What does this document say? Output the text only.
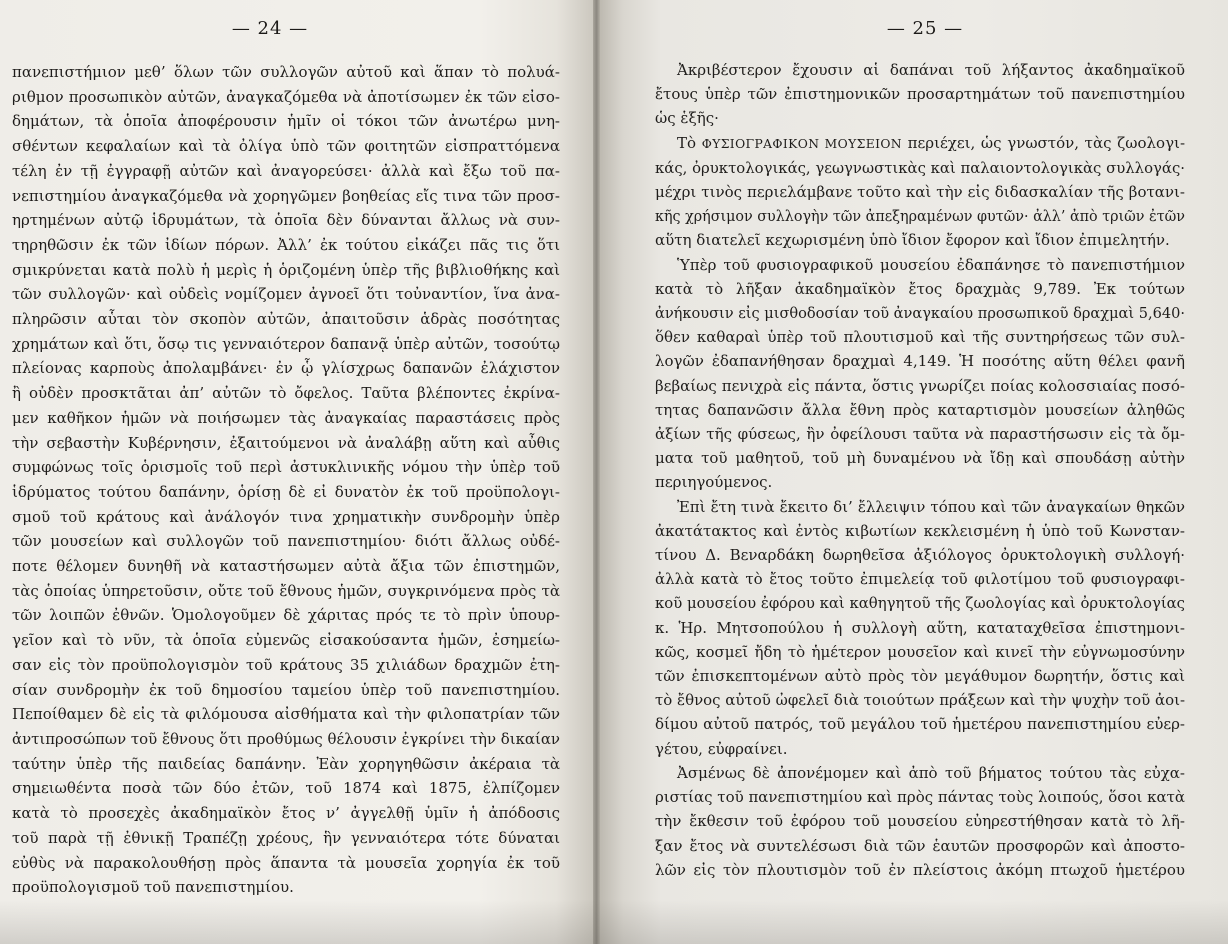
— 24 —
πανεπιστήμιον μεθ’ ὅλων τῶν συλλογῶν αὐτοῦ καὶ ἅπαν τὸ πολυά-
ριθμον προσωπικὸν αὐτῶν, ἀναγκαζόμεθα νὰ ἀποτίσωμεν ἐκ τῶν εἰσο-
δημάτων, τὰ ὁποῖα ἀποφέρουσιν ἡμῖν οἱ τόκοι τῶν ἀνωτέρω μνη-
σθέντων κεφαλαίων καὶ τὰ ὀλίγα ὑπὸ τῶν φοιτητῶν εἰσπραττόμενα
τέλη ἐν τῇ ἐγγραφῇ αὐτῶν καὶ ἀναγορεύσει· ἀλλὰ καὶ ἔξω τοῦ πα-
νεπιστημίου ἀναγκαζόμεθα νὰ χορηγῶμεν βοηθείας εἴς τινα τῶν προσ-
ηρτημένων αὐτῷ ἱδρυμάτων, τὰ ὁποῖα δὲν δύνανται ἄλλως νὰ συν-
τηρηθῶσιν ἐκ τῶν ἰδίων πόρων. Ἀλλ’ ἐκ τούτου εἰκάζει πᾶς τις ὅτι
σμικρύνεται κατὰ πολὺ ἡ μερὶς ἡ ὁριζομένη ὑπὲρ τῆς βιβλιοθήκης καὶ
τῶν συλλογῶν· καὶ οὐδεὶς νομίζομεν ἀγνοεῖ ὅτι τοὐναντίον, ἵνα ἀνα-
πληρῶσιν αὗται τὸν σκοπὸν αὐτῶν, ἀπαιτοῦσιν ἁδρὰς ποσότητας
χρημάτων καὶ ὅτι, ὅσῳ τις γενναιότερον δαπανᾷ ὑπὲρ αὐτῶν, τοσούτῳ
πλείονας καρποὺς ἀπολαμβάνει· ἐν ᾧ γλίσχρως δαπανῶν ἐλάχιστον
ἢ οὐδὲν προσκτᾶται ἀπ’ αὐτῶν τὸ ὄφελος. Ταῦτα βλέποντες ἐκρίνα-
μεν καθῆκον ἡμῶν νὰ ποιήσωμεν τὰς ἀναγκαίας παραστάσεις πρὸς
τὴν σεβαστὴν Κυβέρνησιν, ἐξαιτούμενοι νὰ ἀναλάβῃ αὕτη καὶ αὖθις
συμφώνως τοῖς ὁρισμοῖς τοῦ περὶ ἀστυκλινικῆς νόμου τὴν ὑπὲρ τοῦ
ἱδρύματος τούτου δαπάνην, ὁρίσῃ δὲ εἰ δυνατὸν ἐκ τοῦ προϋπολογι-
σμοῦ τοῦ κράτους καὶ ἀνάλογόν τινα χρηματικὴν συνδρομὴν ὑπὲρ
τῶν μουσείων καὶ συλλογῶν τοῦ πανεπιστημίου· διότι ἄλλως οὐδέ-
ποτε θέλομεν δυνηθῆ νὰ καταστήσωμεν αὐτὰ ἄξια τῶν ἐπιστημῶν,
τὰς ὁποίας ὑπηρετοῦσιν, οὔτε τοῦ ἔθνους ἡμῶν, συγκρινόμενα πρὸς τὰ
τῶν λοιπῶν ἐθνῶν. Ὁμολογοῦμεν δὲ χάριτας πρός τε τὸ πρὶν ὑπουρ-
γεῖον καὶ τὸ νῦν, τὰ ὁποῖα εὐμενῶς εἰσακούσαντα ἡμῶν, ἐσημείω-
σαν εἰς τὸν προϋπολογισμὸν τοῦ κράτους 35 χιλιάδων δραχμῶν ἐτη-
σίαν συνδρομὴν ἐκ τοῦ δημοσίου ταμείου ὑπὲρ τοῦ πανεπιστημίου.
Πεποίθαμεν δὲ εἰς τὰ φιλόμουσα αἰσθήματα καὶ τὴν φιλοπατρίαν τῶν
ἀντιπροσώπων τοῦ ἔθνους ὅτι προθύμως θέλουσιν ἐγκρίνει τὴν δικαίαν
ταύτην ὑπὲρ τῆς παιδείας δαπάνην. Ἐὰν χορηγηθῶσιν ἀκέραια τὰ
σημειωθέντα ποσὰ τῶν δύο ἐτῶν, τοῦ 1874 καὶ 1875, ἐλπίζομεν
κατὰ τὸ προσεχὲς ἀκαδημαϊκὸν ἔτος ν’ ἀγγελθῇ ὑμῖν ἡ ἀπόδοσις
τοῦ παρὰ τῇ ἐθνικῇ Τραπέζῃ χρέους, ἣν γενναιότερα τότε δύναται
εὐθὺς νὰ παρακολουθήσῃ πρὸς ἅπαντα τὰ μουσεῖα χορηγία ἐκ τοῦ
προϋπολογισμοῦ τοῦ πανεπιστημίου.
— 25 —
Ἀκριβέστερον ἔχουσιν αἱ δαπάναι τοῦ λήξαντος ἀκαδημαϊκοῦ
ἔτους ὑπὲρ τῶν ἐπιστημονικῶν προσαρτημάτων τοῦ πανεπιστημίου
ὡς ἑξῆς·
Τὸ ΦΥΣΙΟΓΡΑΦΙΚΟΝ ΜΟΥΣΕΙΟΝ περιέχει, ὡς γνωστόν, τὰς ζωολογι-
κάς, ὀρυκτολογικάς, γεωγνωστικὰς καὶ παλαιοντολογικὰς συλλογάς·
μέχρι τινὸς περιελάμβανε τοῦτο καὶ τὴν εἰς διδασκαλίαν τῆς βοτανι-
κῆς χρήσιμον συλλογὴν τῶν ἀπεξηραμένων φυτῶν· ἀλλ’ ἀπὸ τριῶν ἐτῶν
αὕτη διατελεῖ κεχωρισμένη ὑπὸ ἴδιον ἔφορον καὶ ἴδιον ἐπιμελητήν.
Ὑπὲρ τοῦ φυσιογραφικοῦ μουσείου ἐδαπάνησε τὸ πανεπιστήμιον
κατὰ τὸ λῆξαν ἀκαδημαϊκὸν ἔτος δραχμὰς 9,789. Ἐκ τούτων
ἀνήκουσιν εἰς μισθοδοσίαν τοῦ ἀναγκαίου προσωπικοῦ δραχμαὶ 5,640·
ὅθεν καθαραὶ ὑπὲρ τοῦ πλουτισμοῦ καὶ τῆς συντηρήσεως τῶν συλ-
λογῶν ἐδαπανήθησαν δραχμαὶ 4,149. Ἡ ποσότης αὕτη θέλει φανῆ
βεβαίως πενιχρὰ εἰς πάντα, ὅστις γνωρίζει ποίας κολοσσιαίας ποσό-
τητας δαπανῶσιν ἄλλα ἔθνη πρὸς καταρτισμὸν μουσείων ἀληθῶς
ἀξίων τῆς φύσεως, ἣν ὀφείλουσι ταῦτα νὰ παραστήσωσιν εἰς τὰ ὄμ-
ματα τοῦ μαθητοῦ, τοῦ μὴ δυναμένου νὰ ἴδῃ καὶ σπουδάσῃ αὐτὴν
περιηγούμενος.
Ἐπὶ ἔτη τινὰ ἔκειτο δι’ ἔλλειψιν τόπου καὶ τῶν ἀναγκαίων θηκῶν
ἀκατάτακτος καὶ ἐντὸς κιβωτίων κεκλεισμένη ἡ ὑπὸ τοῦ Κωνσταν-
τίνου Δ. Βεναρδάκη δωρηθεῖσα ἀξιόλογος ὀρυκτολογικὴ συλλογή·
ἀλλὰ κατὰ τὸ ἔτος τοῦτο ἐπιμελείᾳ τοῦ φιλοτίμου τοῦ φυσιογραφι-
κοῦ μουσείου ἐφόρου καὶ καθηγητοῦ τῆς ζωολογίας καὶ ὀρυκτολογίας
κ. Ἡρ. Μητσοπούλου ἡ συλλογὴ αὕτη, καταταχθεῖσα ἐπιστημονι-
κῶς, κοσμεῖ ἤδη τὸ ἡμέτερον μουσεῖον καὶ κινεῖ τὴν εὐγνωμοσύνην
τῶν ἐπισκεπτομένων αὐτὸ πρὸς τὸν μεγάθυμον δωρητήν, ὅστις καὶ
τὸ ἔθνος αὐτοῦ ὠφελεῖ διὰ τοιούτων πράξεων καὶ τὴν ψυχὴν τοῦ ἀοι-
δίμου αὐτοῦ πατρός, τοῦ μεγάλου τοῦ ἡμετέρου πανεπιστημίου εὐερ-
γέτου, εὐφραίνει.
Ἀσμένως δὲ ἀπονέμομεν καὶ ἀπὸ τοῦ βήματος τούτου τὰς εὐχα-
ριστίας τοῦ πανεπιστημίου καὶ πρὸς πάντας τοὺς λοιπούς, ὅσοι κατὰ
τὴν ἔκθεσιν τοῦ ἐφόρου τοῦ μουσείου εὐηρεστήθησαν κατὰ τὸ λῆ-
ξαν ἔτος νὰ συντελέσωσι διὰ τῶν ἑαυτῶν προσφορῶν καὶ ἀποστο-
λῶν εἰς τὸν πλουτισμὸν τοῦ ἐν πλείστοις ἀκόμη πτωχοῦ ἡμετέρου
